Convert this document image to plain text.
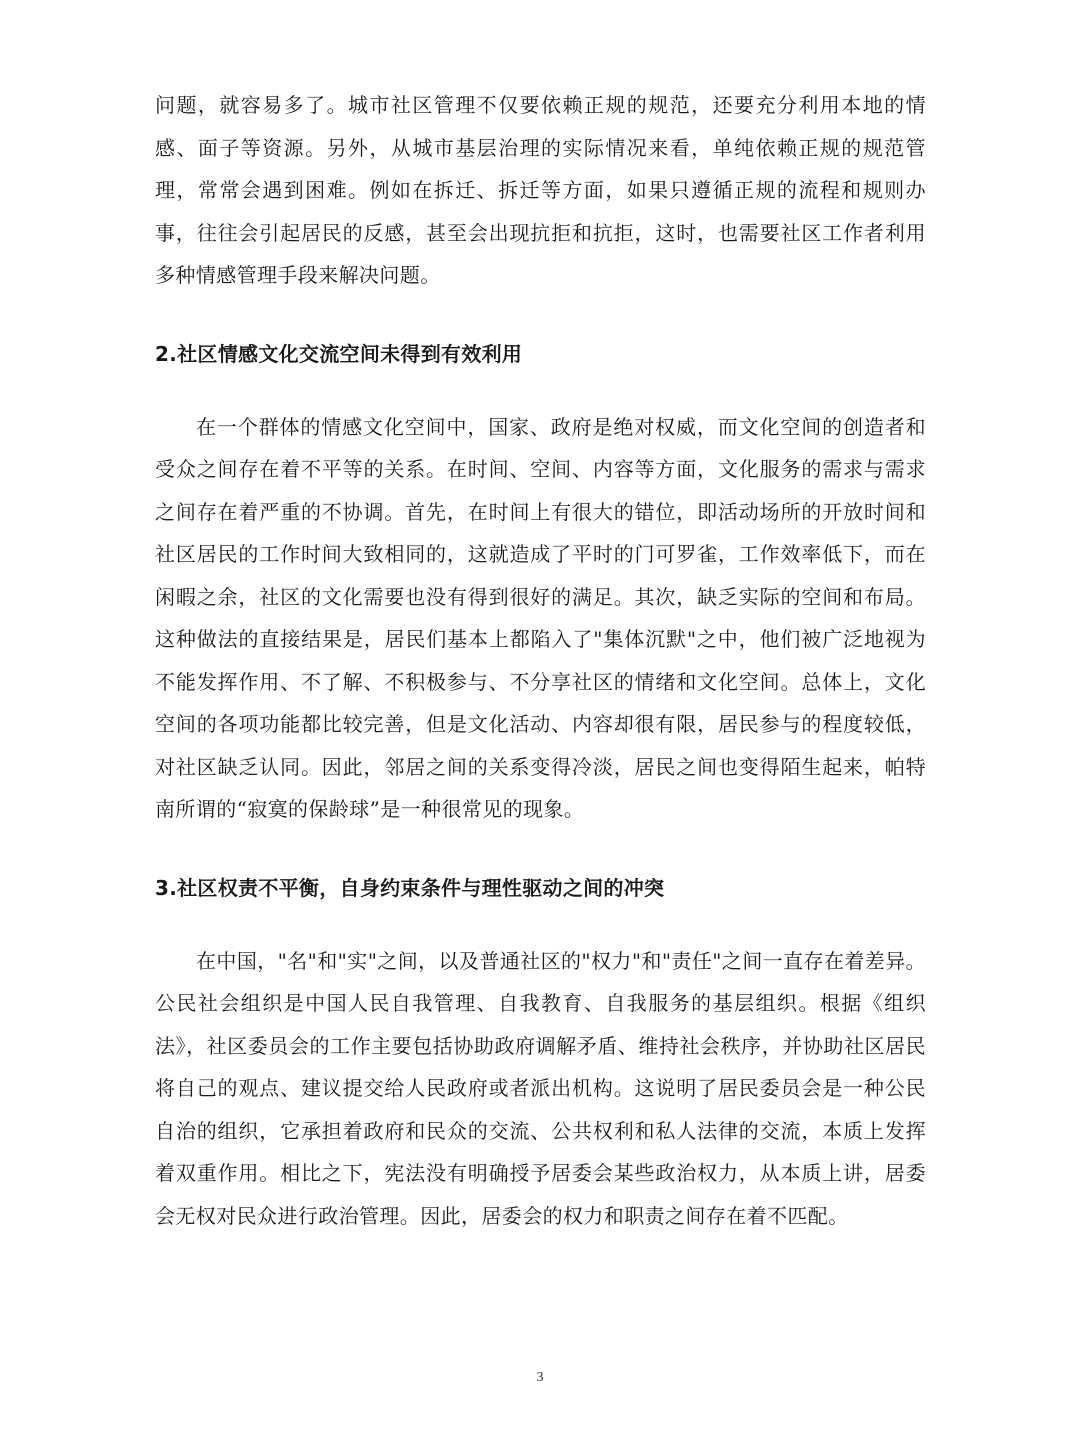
问题，就容易多了。城市社区管理不仅要依赖正规的规范，还要充分利用本地的情感、面子等资源。另外，从城市基层治理的实际情况来看，单纯依赖正规的规范管理，常常会遇到困难。例如在拆迁、拆迁等方面，如果只遵循正规的流程和规则办事，往往会引起居民的反感，甚至会出现抗拒和抗拒，这时，也需要社区工作者利用多种情感管理手段来解决问题。

2.社区情感文化交流空间未得到有效利用

在一个群体的情感文化空间中，国家、政府是绝对权威，而文化空间的创造者和受众之间存在着不平等的关系。在时间、空间、内容等方面，文化服务的需求与需求之间存在着严重的不协调。首先，在时间上有很大的错位，即活动场所的开放时间和社区居民的工作时间大致相同的，这就造成了平时的门可罗雀，工作效率低下，而在闲暇之余，社区的文化需要也没有得到很好的满足。其次，缺乏实际的空间和布局。这种做法的直接结果是，居民们基本上都陷入了"集体沉默"之中，他们被广泛地视为不能发挥作用、不了解、不积极参与、不分享社区的情绪和文化空间。总体上，文化空间的各项功能都比较完善，但是文化活动、内容却很有限，居民参与的程度较低，对社区缺乏认同。因此，邻居之间的关系变得冷淡，居民之间也变得陌生起来，帕特南所谓的“寂寞的保龄球”是一种很常见的现象。

3.社区权责不平衡，自身约束条件与理性驱动之间的冲突

在中国，"名"和"实"之间，以及普通社区的"权力"和"责任"之间一直存在着差异。公民社会组织是中国人民自我管理、自我教育、自我服务的基层组织。根据《组织法》，社区委员会的工作主要包括协助政府调解矛盾、维持社会秩序，并协助社区居民将自己的观点、建议提交给人民政府或者派出机构。这说明了居民委员会是一种公民自治的组织，它承担着政府和民众的交流、公共权利和私人法律的交流，本质上发挥着双重作用。相比之下，宪法没有明确授予居委会某些政治权力，从本质上讲，居委会无权对民众进行政治管理。因此，居委会的权力和职责之间存在着不匹配。

3
